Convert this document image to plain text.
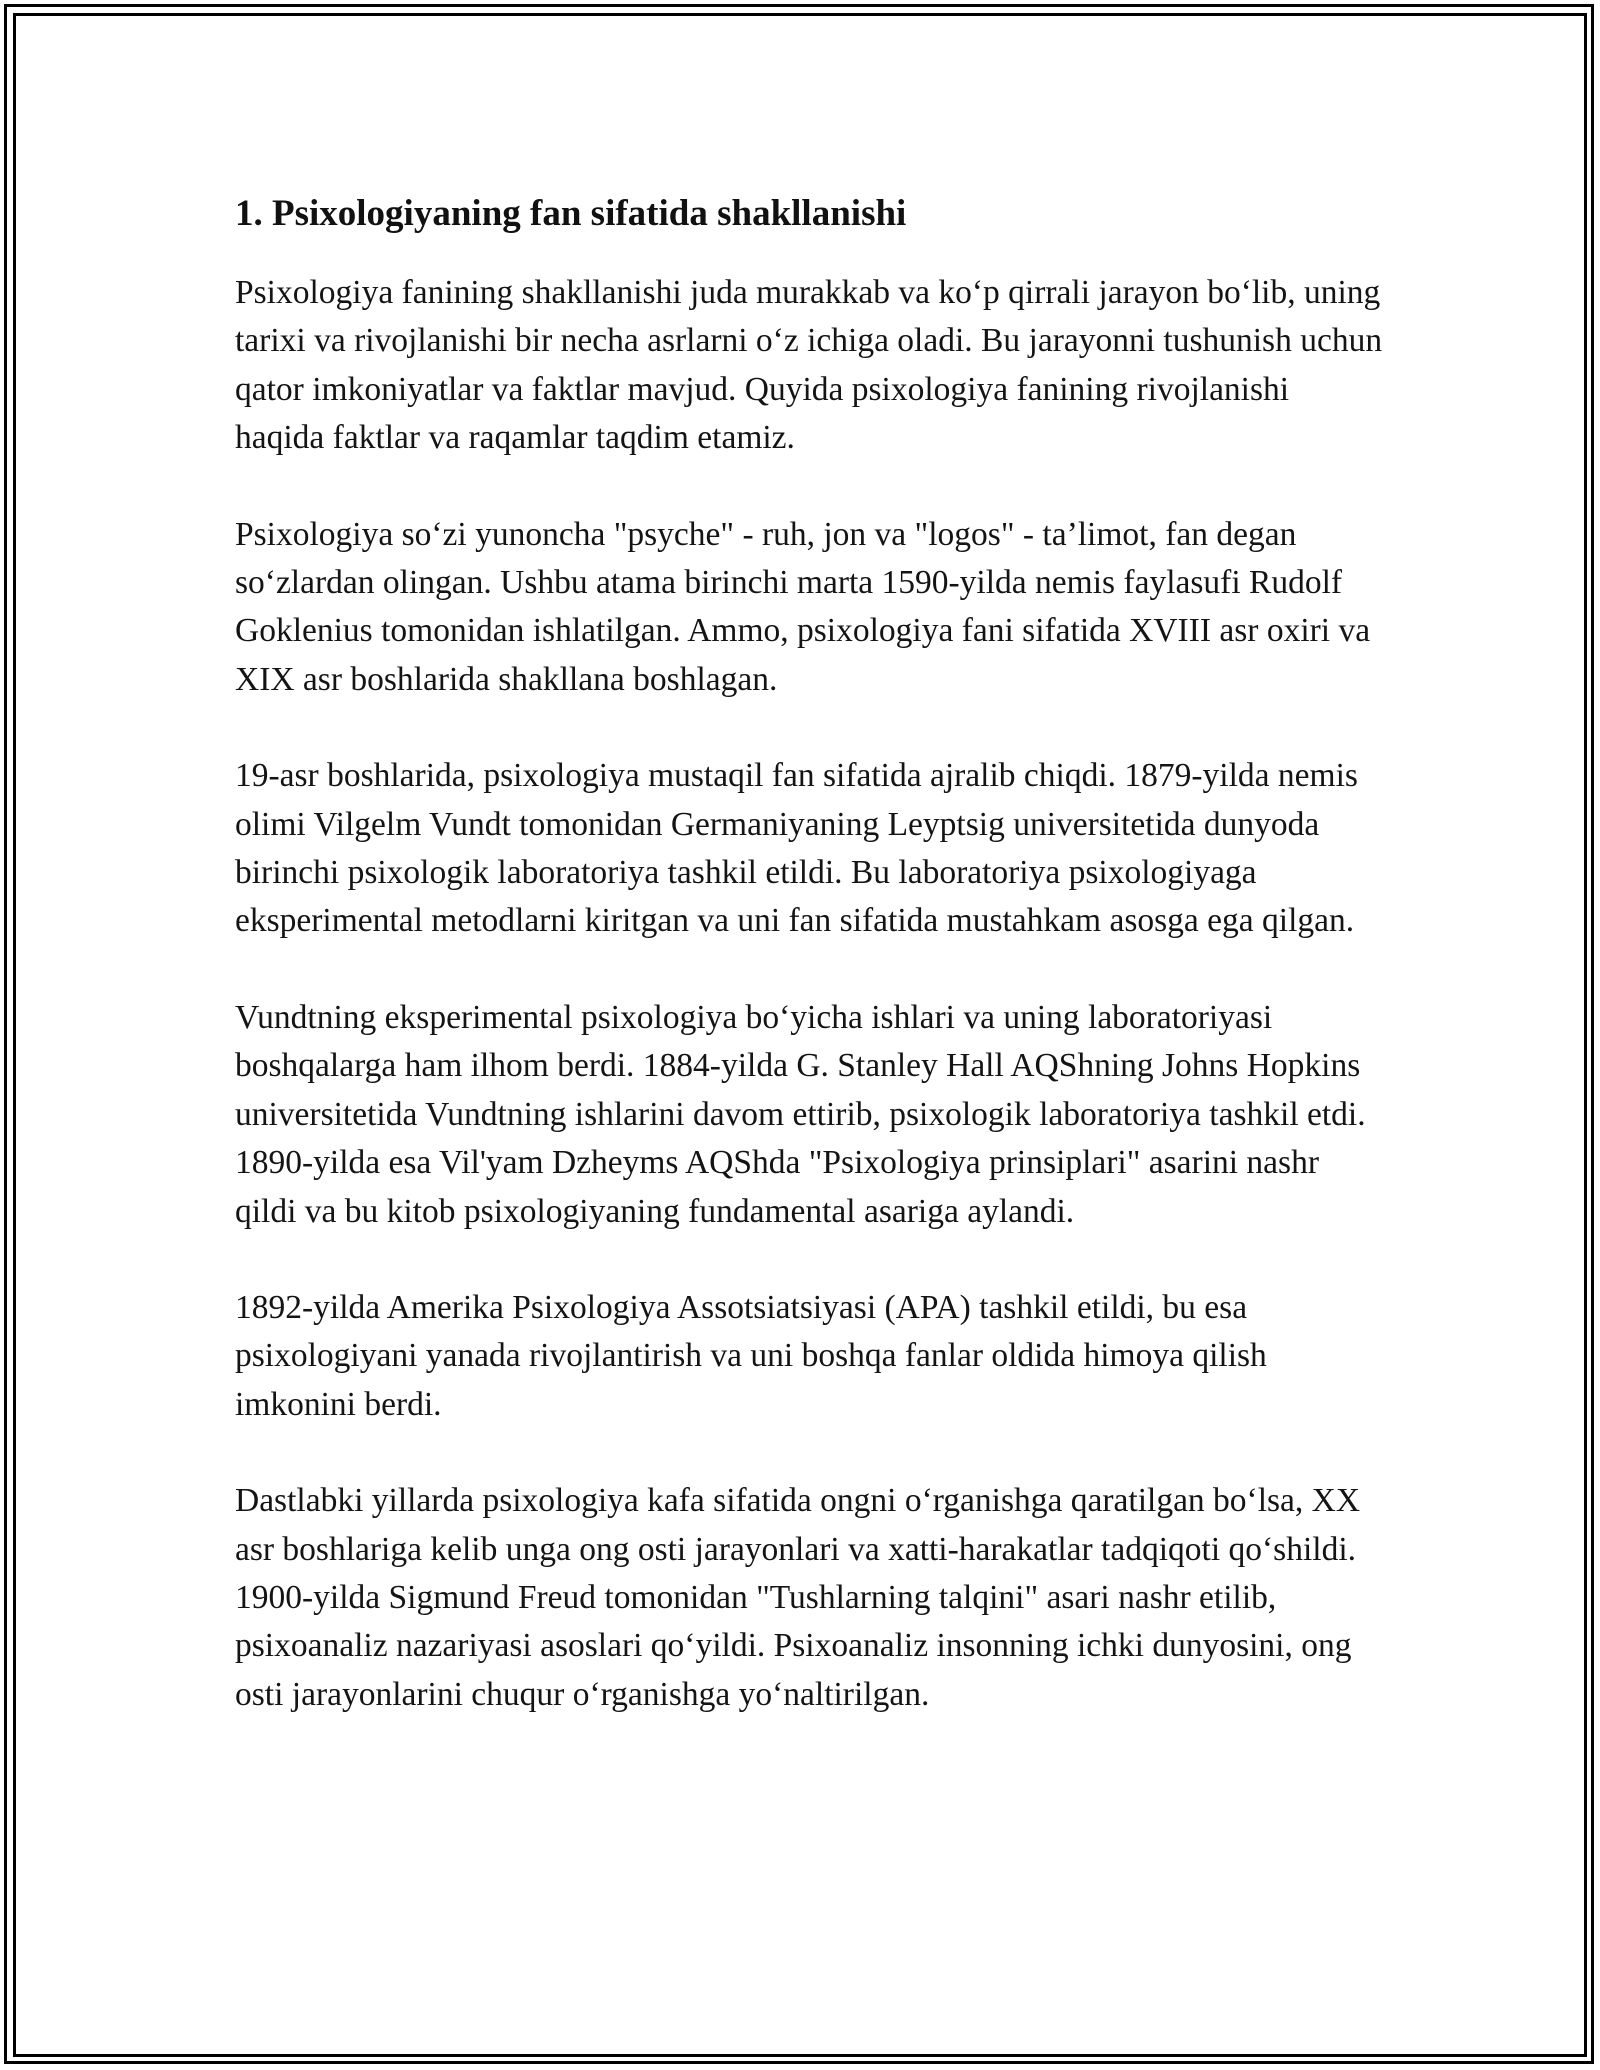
1. Psixologiyaning fan sifatida shakllanishi

Psixologiya fanining shakllanishi juda murakkab va ko‘p qirrali jarayon bo‘lib, uning tarixi va rivojlanishi bir necha asrlarni o‘z ichiga oladi. Bu jarayonni tushunish uchun qator imkoniyatlar va faktlar mavjud. Quyida psixologiya fanining rivojlanishi haqida faktlar va raqamlar taqdim etamiz.

Psixologiya so‘zi yunoncha "psyche" - ruh, jon va "logos" - ta’limot, fan degan so‘zlardan olingan. Ushbu atama birinchi marta 1590-yilda nemis faylasufi Rudolf Goklenius tomonidan ishlatilgan. Ammo, psixologiya fani sifatida XVIII asr oxiri va XIX asr boshlarida shakllana boshlagan.

19-asr boshlarida, psixologiya mustaqil fan sifatida ajralib chiqdi. 1879-yilda nemis olimi Vilgelm Vundt tomonidan Germaniyaning Leyptsig universitetida dunyoda birinchi psixologik laboratoriya tashkil etildi. Bu laboratoriya psixologiyaga eksperimental metodlarni kiritgan va uni fan sifatida mustahkam asosga ega qilgan.

Vundtning eksperimental psixologiya bo‘yicha ishlari va uning laboratoriyasi boshqalarga ham ilhom berdi. 1884-yilda G. Stanley Hall AQShning Johns Hopkins universitetida Vundtning ishlarini davom ettirib, psixologik laboratoriya tashkil etdi. 1890-yilda esa Vil'yam Dzheyms AQShda "Psixologiya prinsiplari" asarini nashr qildi va bu kitob psixologiyaning fundamental asariga aylandi.

1892-yilda Amerika Psixologiya Assotsiatsiyasi (APA) tashkil etildi, bu esa psixologiyani yanada rivojlantirish va uni boshqa fanlar oldida himoya qilish imkonini berdi.

Dastlabki yillarda psixologiya kafa sifatida ongni o‘rganishga qaratilgan bo‘lsa, XX asr boshlariga kelib unga ong osti jarayonlari va xatti-harakatlar tadqiqoti qo‘shildi. 1900-yilda Sigmund Freud tomonidan "Tushlarning talqini" asari nashr etilib, psixoanaliz nazariyasi asoslari qo‘yildi. Psixoanaliz insonning ichki dunyosini, ong osti jarayonlarini chuqur o‘rganishga yo‘naltirilgan.
